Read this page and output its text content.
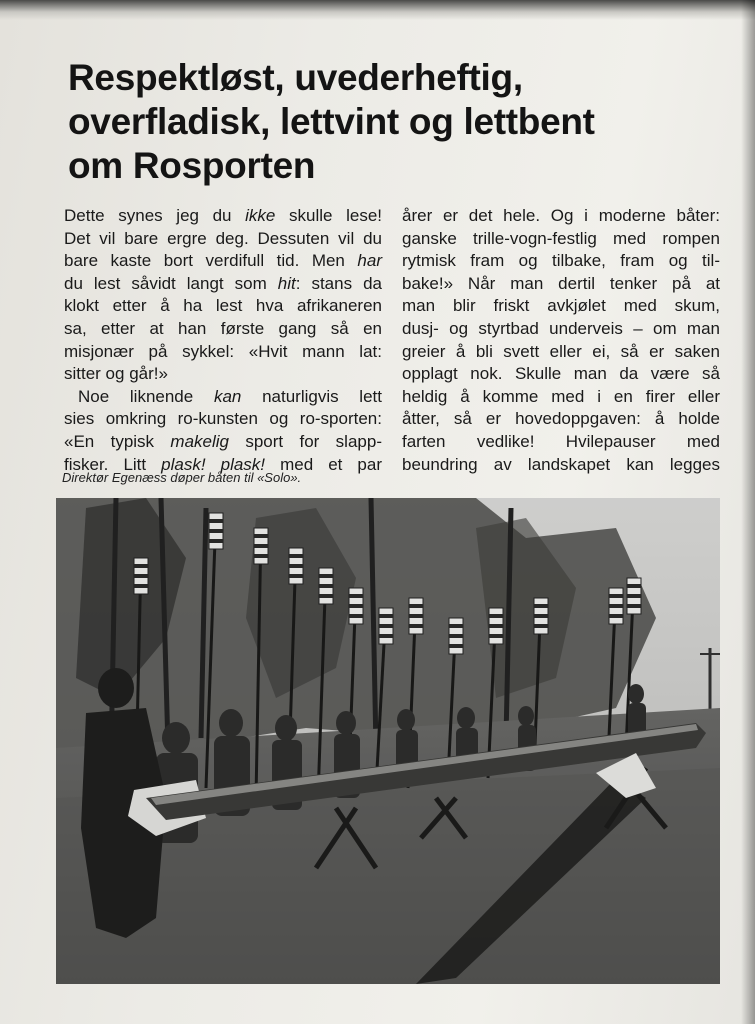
Respektløst, uvederheftig,
overfladisk, lettvint og lettbent
om Rosporten
Dette synes jeg du ikke skulle lese!
Det vil bare ergre deg. Dessuten vil du
bare kaste bort verdifull tid. Men har
du lest såvidt langt som hit: stans da
klokt etter å ha lest hva afrikaneren
sa, etter at han første gang så en
misjonær på sykkel: «Hvit mann lat:
sitter og går!»
Noe liknende kan naturligvis lett
sies omkring ro-kunsten og ro-sporten:
«En typisk makelig sport for slapp-
fisker. Litt plask! plask! med et par
årer er det hele. Og i moderne båter:
ganske trille-vogn-festlig med rompen
rytmisk fram og tilbake, fram og til-
bake!» Når man dertil tenker på at
man blir friskt avkjølet med skum,
dusj- og styrtbad underveis – om man
greier å bli svett eller ei, så er saken
opplagt nok. Skulle man da være så
heldig å komme med i en firer eller
åtter, så er hovedoppgaven: å holde
farten vedlike! Hvilepauser med
beundring av landskapet kan legges
Direktør Egenæss døper båten til «Solo».
